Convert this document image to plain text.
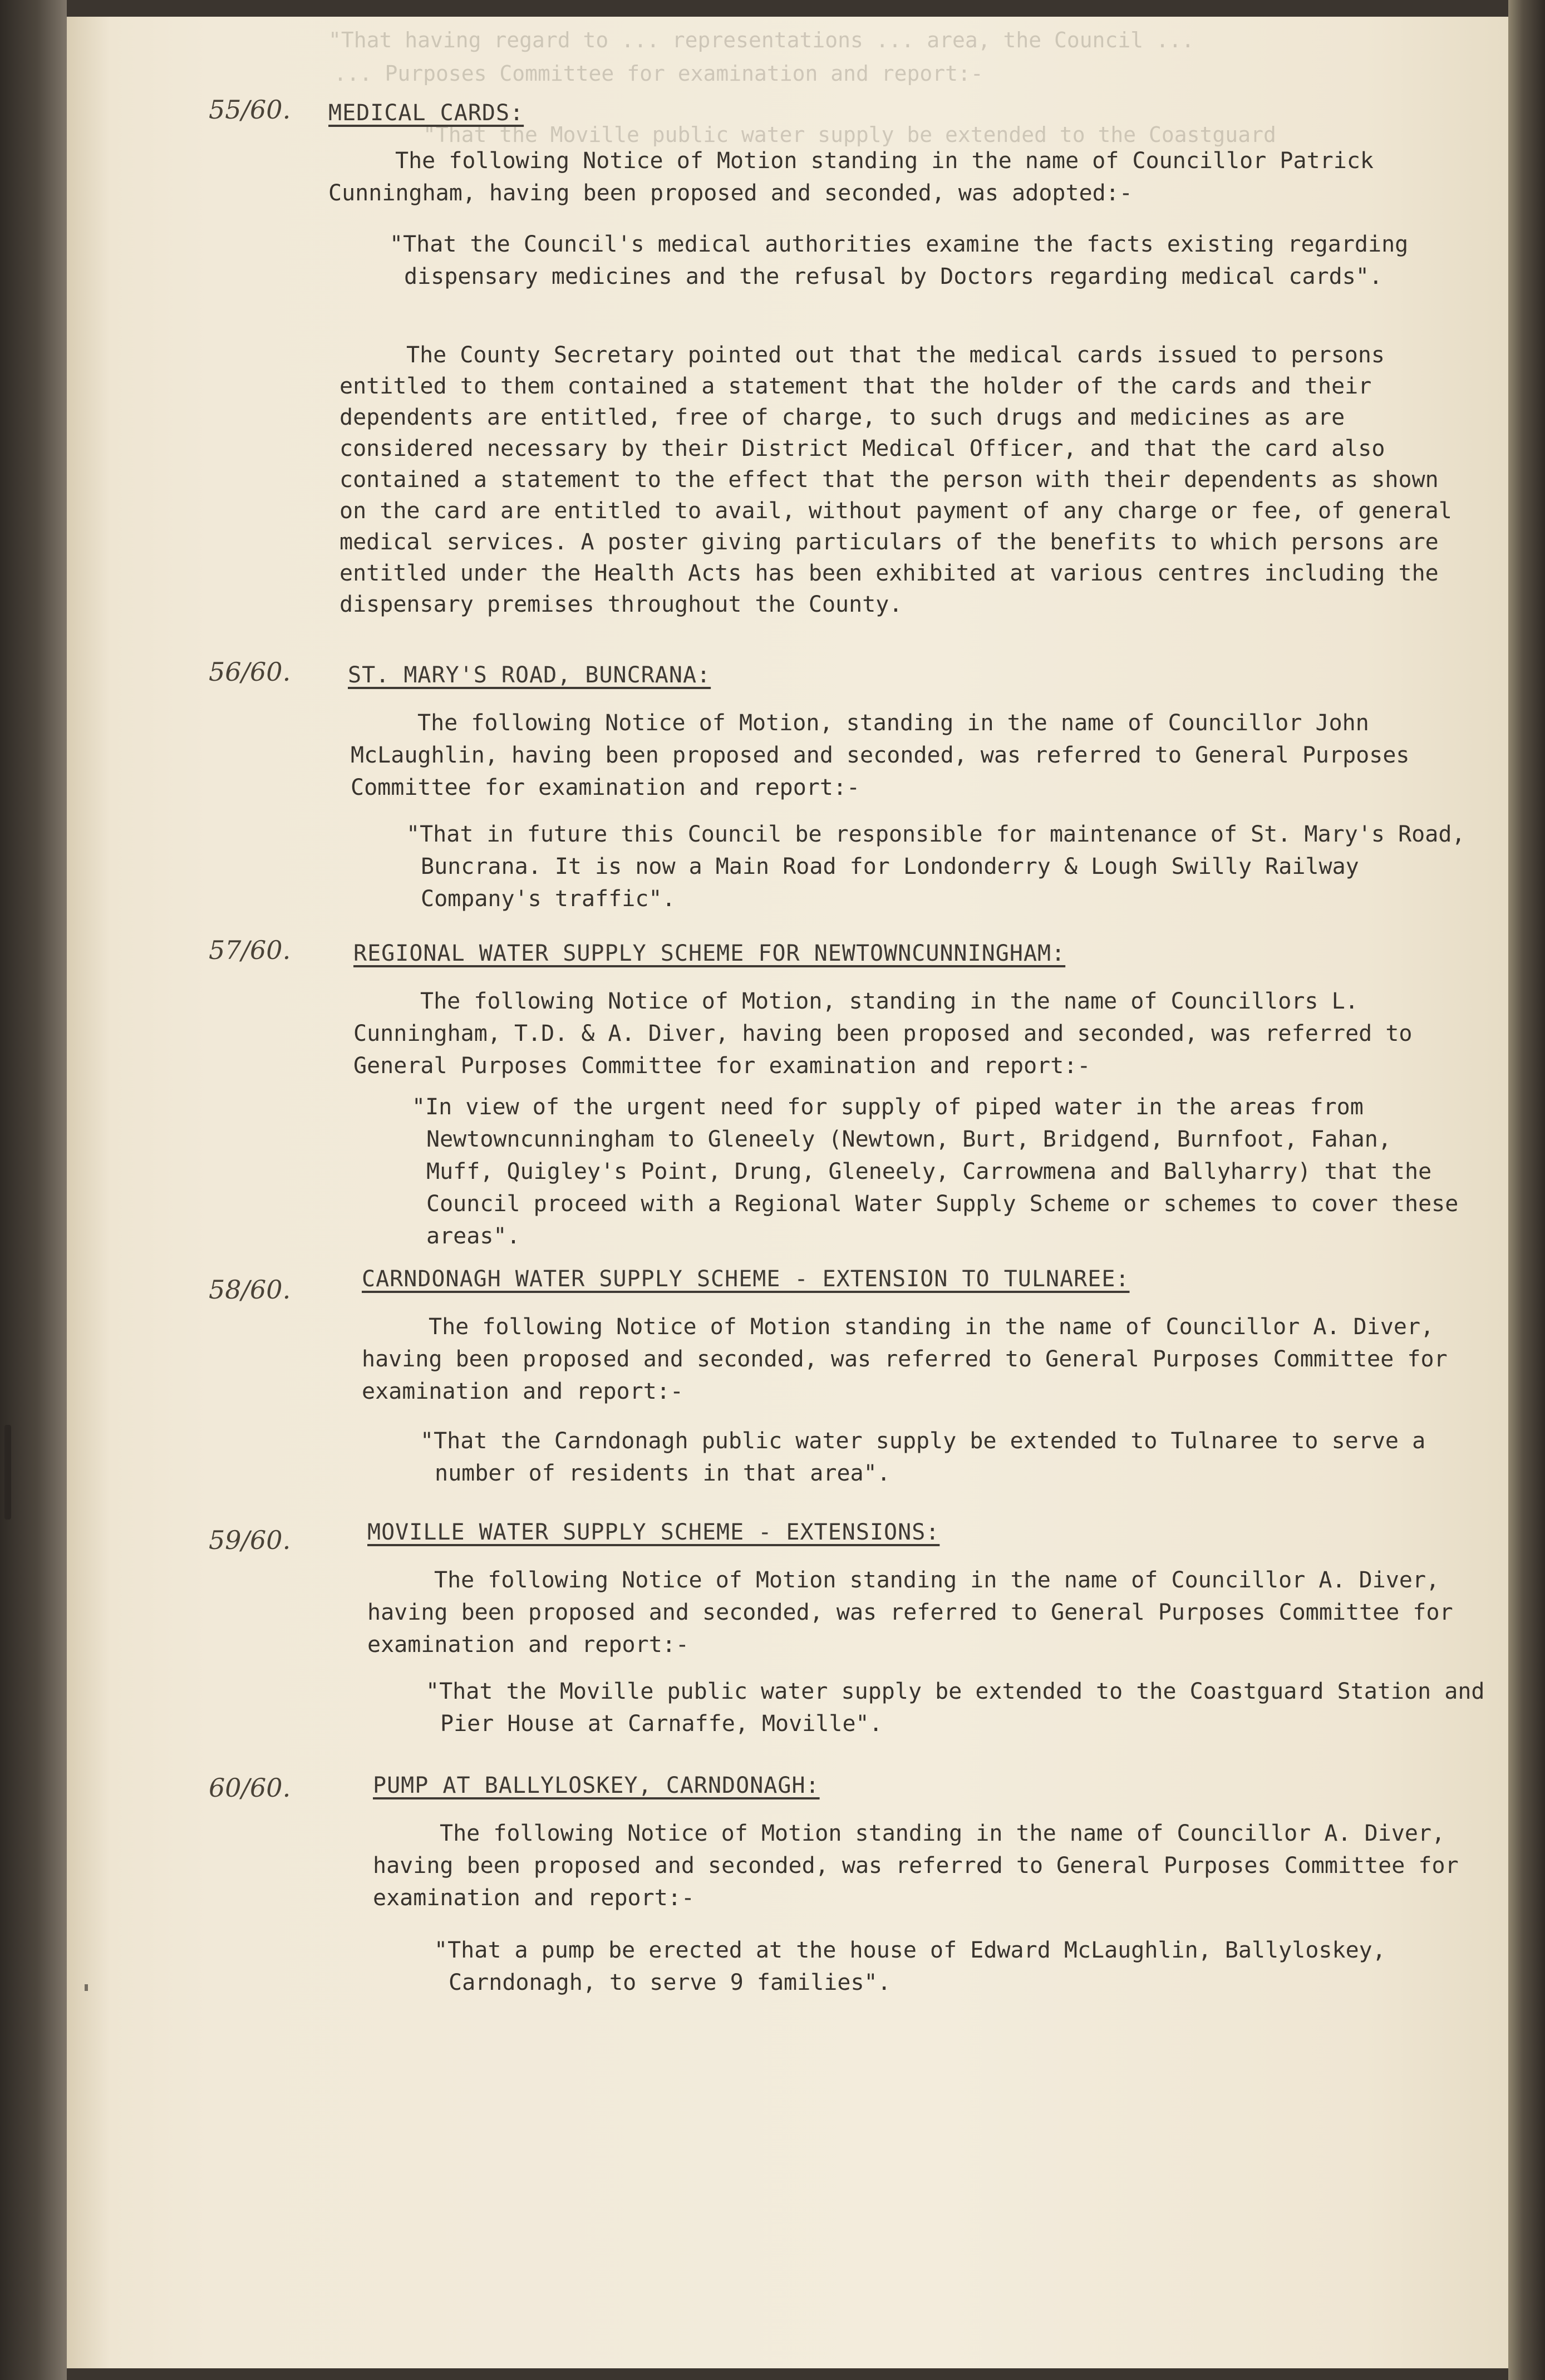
"That having regard to ... representations ... area, the Council ...
... Purposes Committee for examination and report:-
"That the Moville public water supply be extended to the Coastguard
55/60. MEDICAL CARDS:
The following Notice of Motion standing in the name of Councillor Patrick Cunningham, having been proposed and seconded, was adopted:-
"That the Council's medical authorities examine the facts existing regarding dispensary medicines and the refusal by Doctors regarding medical cards".
The County Secretary pointed out that the medical cards issued to persons entitled to them contained a statement that the holder of the cards and their dependents are entitled, free of charge, to such drugs and medicines as are considered necessary by their District Medical Officer, and that the card also contained a statement to the effect that the person with their dependents as shown on the card are entitled to avail, without payment of any charge or fee, of general medical services. A poster giving particulars of the benefits to which persons are entitled under the Health Acts has been exhibited at various centres including the dispensary premises throughout the County.
56/60.	ST. MARY'S ROAD, BUNCRANA:
The following Notice of Motion, standing in the name of Councillor John McLaughlin, having been proposed and seconded, was referred to General Purposes Committee for examination and report:-
"That in future this Council be responsible for maintenance of St. Mary's Road, Buncrana. It is now a Main Road for Londonderry & Lough Swilly Railway Company's traffic".
57/60.	REGIONAL WATER SUPPLY SCHEME FOR NEWTOWNCUNNINGHAM:
The following Notice of Motion, standing in the name of Councillors L. Cunningham, T.D. & A. Diver, having been proposed and seconded, was referred to General Purposes Committee for examination and report:-
"In view of the urgent need for supply of piped water in the areas from Newtowncunningham to Gleneely (Newtown, Burt, Bridgend, Burnfoot, Fahan, Muff, Quigley's Point, Drung, Gleneely, Carrowmena and Ballyharry) that the Council proceed with a Regional Water Supply Scheme or schemes to cover these areas".
58/60.	CARNDONAGH WATER SUPPLY SCHEME - EXTENSION TO TULNAREE:
The following Notice of Motion standing in the name of Councillor A. Diver, having been proposed and seconded, was referred to General Purposes Committee for examination and report:-
"That the Carndonagh public water supply be extended to Tulnaree to serve a number of residents in that area".
59/60.	MOVILLE WATER SUPPLY SCHEME - EXTENSIONS:
The following Notice of Motion standing in the name of Councillor A. Diver, having been proposed and seconded, was referred to General Purposes Committee for examination and report:-
"That the Moville public water supply be extended to the Coastguard Station and Pier House at Carnaffe, Moville".
60/60.	PUMP AT BALLYLOSKEY, CARNDONAGH:
The following Notice of Motion standing in the name of Councillor A. Diver, having been proposed and seconded, was referred to General Purposes Committee for examination and report:-
"That a pump be erected at the house of Edward McLaughlin, Ballyloskey, Carndonagh, to serve 9 families".
